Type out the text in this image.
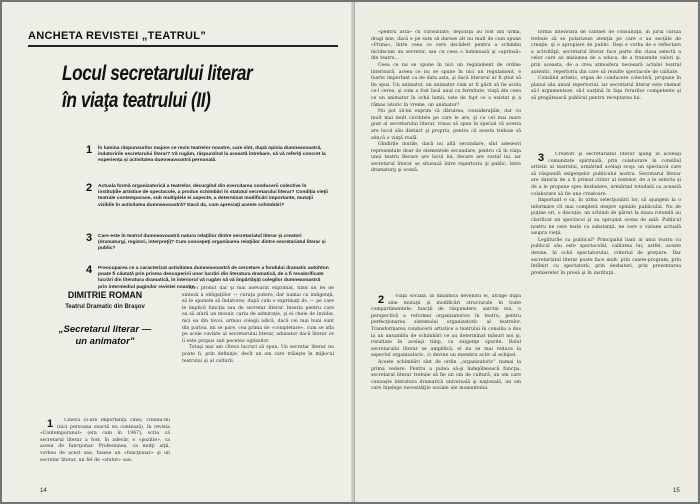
ANCHETA REVISTEI „TEATRUL”
Locul secretarului literar
în viaţa teatrului (II)
1 În lumina răspunsurilor majore ce revin teatrelor noastre, care sînt, după opinia dumneavoastră, îndatoririle secretarului literar? Vă rugăm, răspunzînd la această întrebare, să vă referiţi concret la experienţa şi activitatea dumneavoastră personală.
2 Actuala formă organizatorică a teatrelor, decurgînd din exercitarea conducerii colective în instituţiile artistice de spectacole, a produs schimbări în statutul secretarului literar? Condiţia vieţii teatrale contemporane, sub multiplele ei aspecte, a determinat modificări importante, mutaţii vizibile în activitatea dumneavoastră? Dacă da, cum apreciaţi aceste schimbări?
3 Care este în teatrul dumneavoastră natura relaţiilor dintre secretariatul literar şi creatori (dramaturgi, regizori, interpreţi)? Cum concepeţi organizarea relaţiilor dintre secretariatul literar şi public?
4 Preocuparea ce a caracterizat activitatea dumneavoastră de cercetare a fondului dramatic autohton poate fi căutată prin prisma descoperirii unor lucrări din literatura dramatică, de a fi revalorificate lucrări din literatura dramatică, în interiorul vă rugăm să vă împărtăşiţi colegilor dumneavoastră prin intermediul paginilor revistei noastre.
DIMITRIE ROMAN
Teatrul Dramatic din Braşov
„Secretarul literar —
un animator”

1 Cineva (o-are importanţă cine), citindu-mi (nici persoana exactă nu contează), în revista «Contemporanul» (era cam în 1967), scria că secretarul literar a fost, în adevăr, o «pozitie», ca aceea de funcţionar. Profesiunea, ca mulţi alţii, vorbea de acest sau, fusese un «funcţionar» şi un secretar literar, un fel de «statut» sau.

nu-i promit dar şi mai adevărat exprimat, fiind un fel de sinteză a obligaţiilor — curaţa putere, dar numai ca indigenţă, să le spunem să îndatorez, după cum o exprimaţi dv. — pe care le implică funcţia sau de secretar literar. Inseria pentru care ea să afară un mozaic cariu de admiraţie, şi ei cheie de invidie, nici ea din tovoi, urmau colegii adică, dacă cei mai buni sunt din partea, mi se pare, cea prima de «completare», cum se afla pe acele cuvinte al secretarului literar, adunator dacă literar ce îi este propus sub pecetea oglinzilor.

Totuşi mai am cîteva lucruri să spun. Un secretar literar nu poate fi, prin definiţie, decît un om care trăieşte în mijlocul teatrului şi al culturii.

14

«pentru asta» cu curiozitate, depoziţii au fost din urmă, dragi mie, dacă e pe sute să dureze alt nu mult de cum spune «Prima», între ceea ce cere decăderi pentru a schimbu nicidecum un secretar, sau cu ceea o luminoasă şi «aprinsă» din teatru…

Ceea ce nu se spune în nici un regulament de ordine interioară, aceea ce nu se spune în nici un regulament, e foarte important ca de data asta, şi dacă literarul ar fi ştiut să fie spus. Un animator, un animator cum ar fi gărit să fie acela ce-l cerea, şi cum a fost însă unul cu fermitate, viaţă din ceea ce un animator în ochii lumii, este de fapt ce a existat şi a rămas istoric în vreme, un animator?

Nu pot să-mi exprim că dăruirea, consideraţiile, dar cu mult mai mult cuvintele pe care le are, şi cu cel mai mare gust al secretarului literar, vreau să spun în special că acesta are locul său distinct şi propriu, pentru că acesta trebuie să aducă o viaţă reală.

Gîndirile inutile, dacă nu altă secundare, sînt adeseori reprezentate doar de elementele secundare, pentru că în viaţa unui teatru fiecare are locul lui, fiecare are rostul lui, iar secretarul literar se situează între repertoriu şi public, între dramaturg şi scenă.

2 Viaţa socială, în dinamica devenirii ei, atrage după sine mutaţii şi modificări structurale în toate compartimentele: funcţii de răspundere, sarcini noi, o perspectivă a reformei organizatorice în teatru, pentru perfecţionarea sistemului organizatoric al teatrelor. Transformarea conducerii artistice a teatrului în consiliu a dus la un ansamblu de schimbări ce au determinat măsuri noi şi, rezultate în acelaşi timp, cu exigenţe sporite. Rolul secretarului literar se amplifică, el nu se mai reduce la aspectul organizatoric, ci devine un membru activ al echipei.

Aceste schimbări sînt de ordin „organizatoric” numai la prima vedere. Pentru a putea să-şi îndeplinească funcţia, secretarul literar trebuie să fie un om de cultură, un om care cunoaşte literatura dramatică universală şi naţională, un om care înţelege necesităţile sociale ale momentului.

formă interioară de cabinet de consultaţii, în jurul căruia trebuie să se polarizeze atenţia pe care o au secţiile de creaţie, şi o apropiere de public. Deşi e vorba de o reflectare a activităţii, secretarul literar face parte din clasa selectă a celor care au misiunea de a educa, de a transmite valori şi, prin aceasta, de a crea atmosfera necesară actului teatral autentic, repertoriu din care să rezulte spectacole de calitate.

Consiliul artistic, organ de conducere colectivă, propune în planul său anual repertoriul, iar secretarul literar este chemat să-l argumenteze, să-l susţină în faţa forurilor competente şi să pregătească publicul pentru receptarea lui.

3 Creatori şi secretariatul literar ajung în aceeaşi comunitate spirituală, prin colaborare în consiliul artistic al teatrului, urmărind acelaşi scop: un spectacol care să răspundă exigenţelor publicului nostru. Secretarul literar are datoria de a fi primul cititor al textelor, de a le selecta şi de a le propune spre dezbatere, urmărind totodată ca această colaborare să fie una creatoare.

Important e ca, în urma selecţionării lor, să ajungem la o informare cît mai completă despre opiniile publicului. Nu de puţine ori, o discuţie, un schimb de păreri la masa rotundă au clarificat un spectacol şi au apropiat scena de sală. Publicul nostru ne cere texte cu substanţă, ne cere o viziune actuală asupra vieţii.

Legăturile cu publicul? Principalul liant al unui teatru cu publicul său este spectacolul, calitatea lui; astfel, aceste devine, în ochii spectatorului, criteriul de preţuire. Dar secretariatul literar poate face mult: prin caiete-program, prin întîlniri cu spectatorii, prin dezbateri, prin prezentarea premierelor în presă şi în instituţii.

15
